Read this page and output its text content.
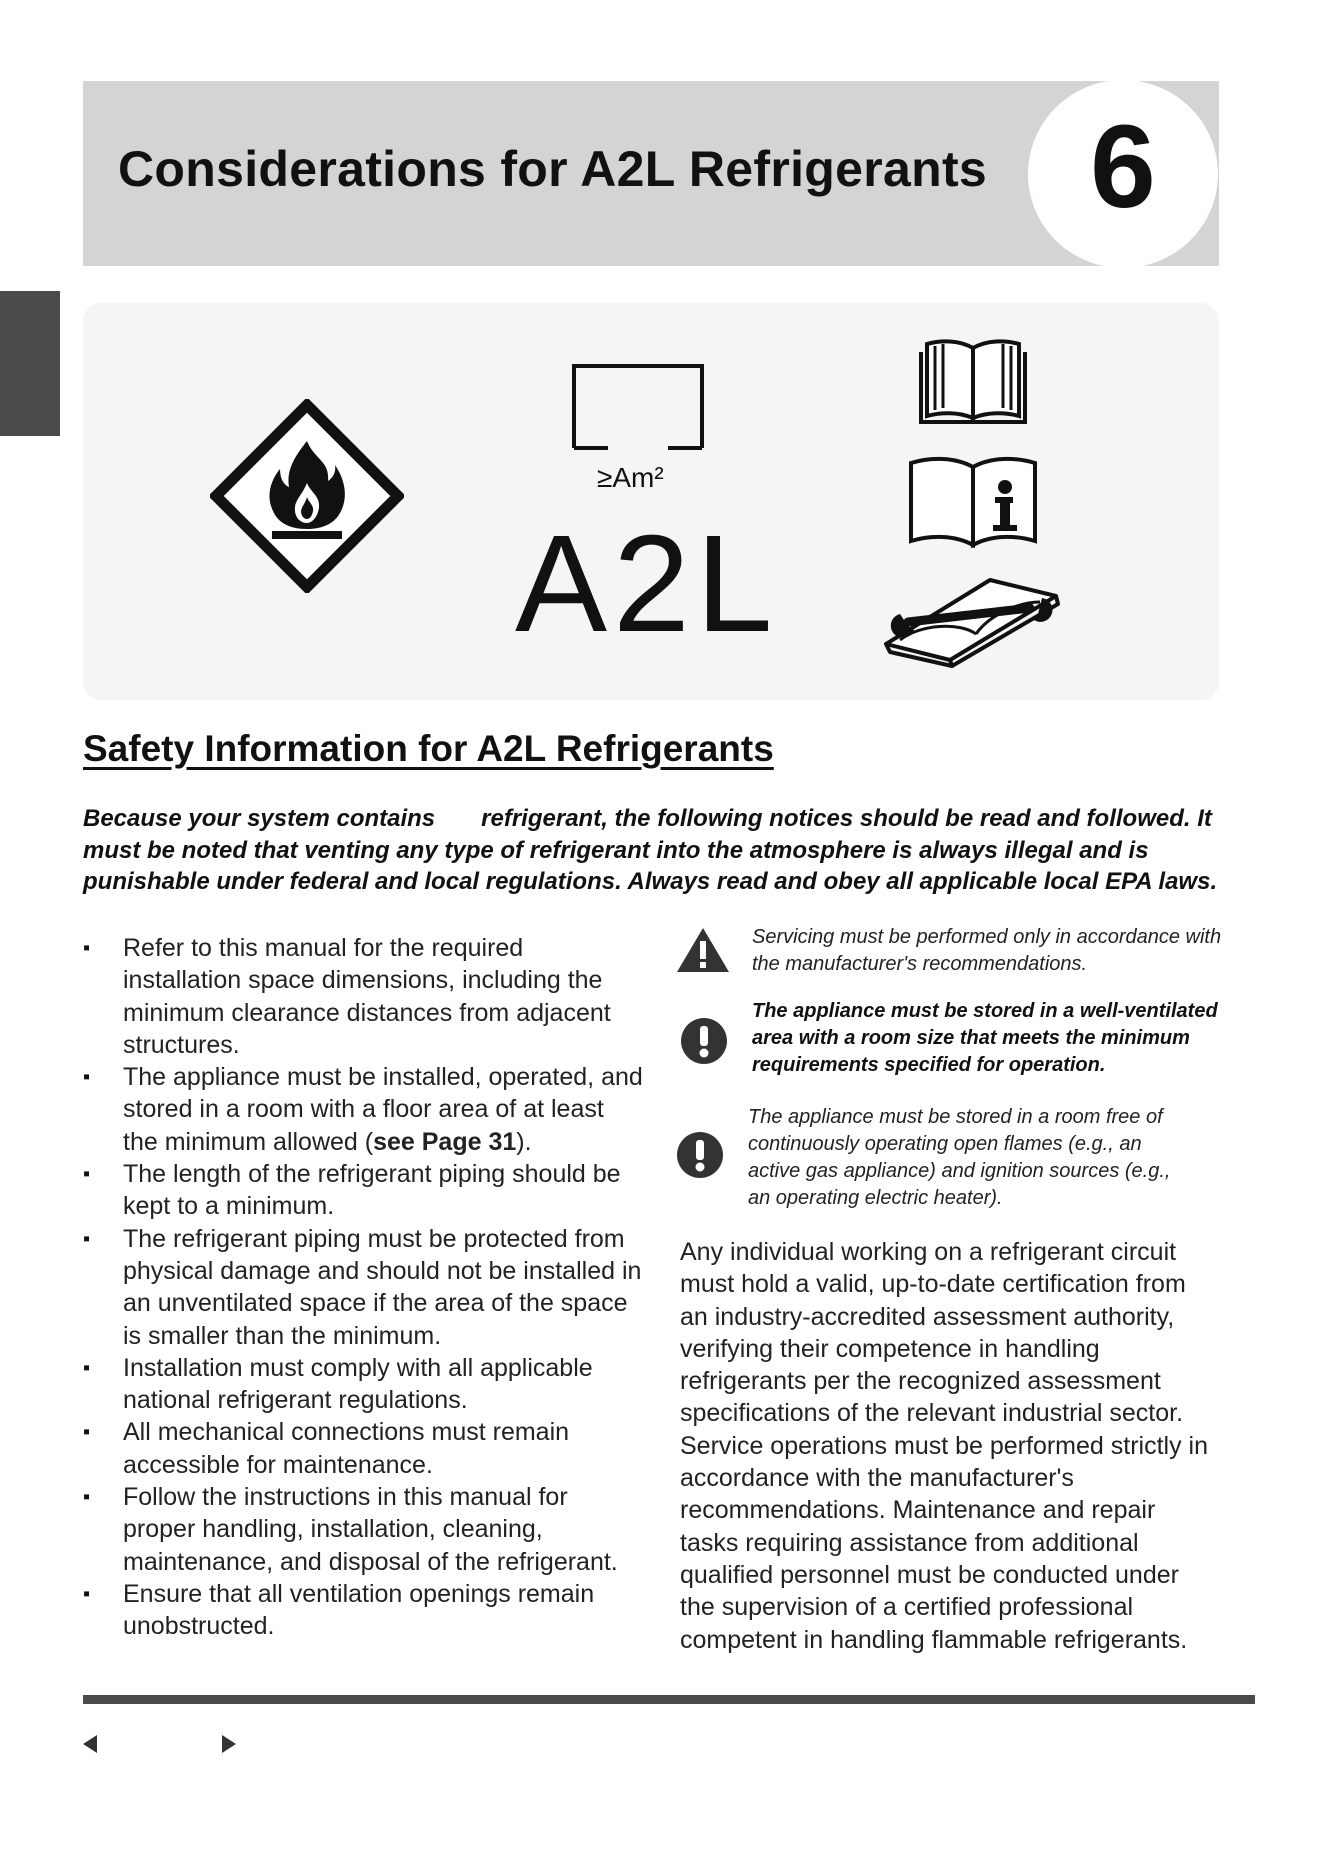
Considerations for A2L Refrigerants 6
≥Am²
A2L
Safety Information for A2L Refrigerants
Because your system contains refrigerant, the following notices should be read and followed. It must be noted that venting any type of refrigerant into the atmosphere is always illegal and is punishable under federal and local regulations. Always read and obey all applicable local EPA laws.
▪ Refer to this manual for the required installation space dimensions, including the minimum clearance distances from adjacent structures.
▪ The appliance must be installed, operated, and stored in a room with a floor area of at least the minimum allowed (see Page 31).
▪ The length of the refrigerant piping should be kept to a minimum.
▪ The refrigerant piping must be protected from physical damage and should not be installed in an unventilated space if the area of the space is smaller than the minimum.
▪ Installation must comply with all applicable national refrigerant regulations.
▪ All mechanical connections must remain accessible for maintenance.
▪ Follow the instructions in this manual for proper handling, installation, cleaning, maintenance, and disposal of the refrigerant.
▪ Ensure that all ventilation openings remain unobstructed.
Servicing must be performed only in accordance with the manufacturer's recommendations.
The appliance must be stored in a well-ventilated area with a room size that meets the minimum requirements specified for operation.
The appliance must be stored in a room free of continuously operating open flames (e.g., an active gas appliance) and ignition sources (e.g., an operating electric heater).
Any individual working on a refrigerant circuit must hold a valid, up-to-date certification from an industry-accredited assessment authority, verifying their competence in handling refrigerants per the recognized assessment specifications of the relevant industrial sector. Service operations must be performed strictly in accordance with the manufacturer's recommendations. Maintenance and repair tasks requiring assistance from additional qualified personnel must be conducted under the supervision of a certified professional competent in handling flammable refrigerants.
